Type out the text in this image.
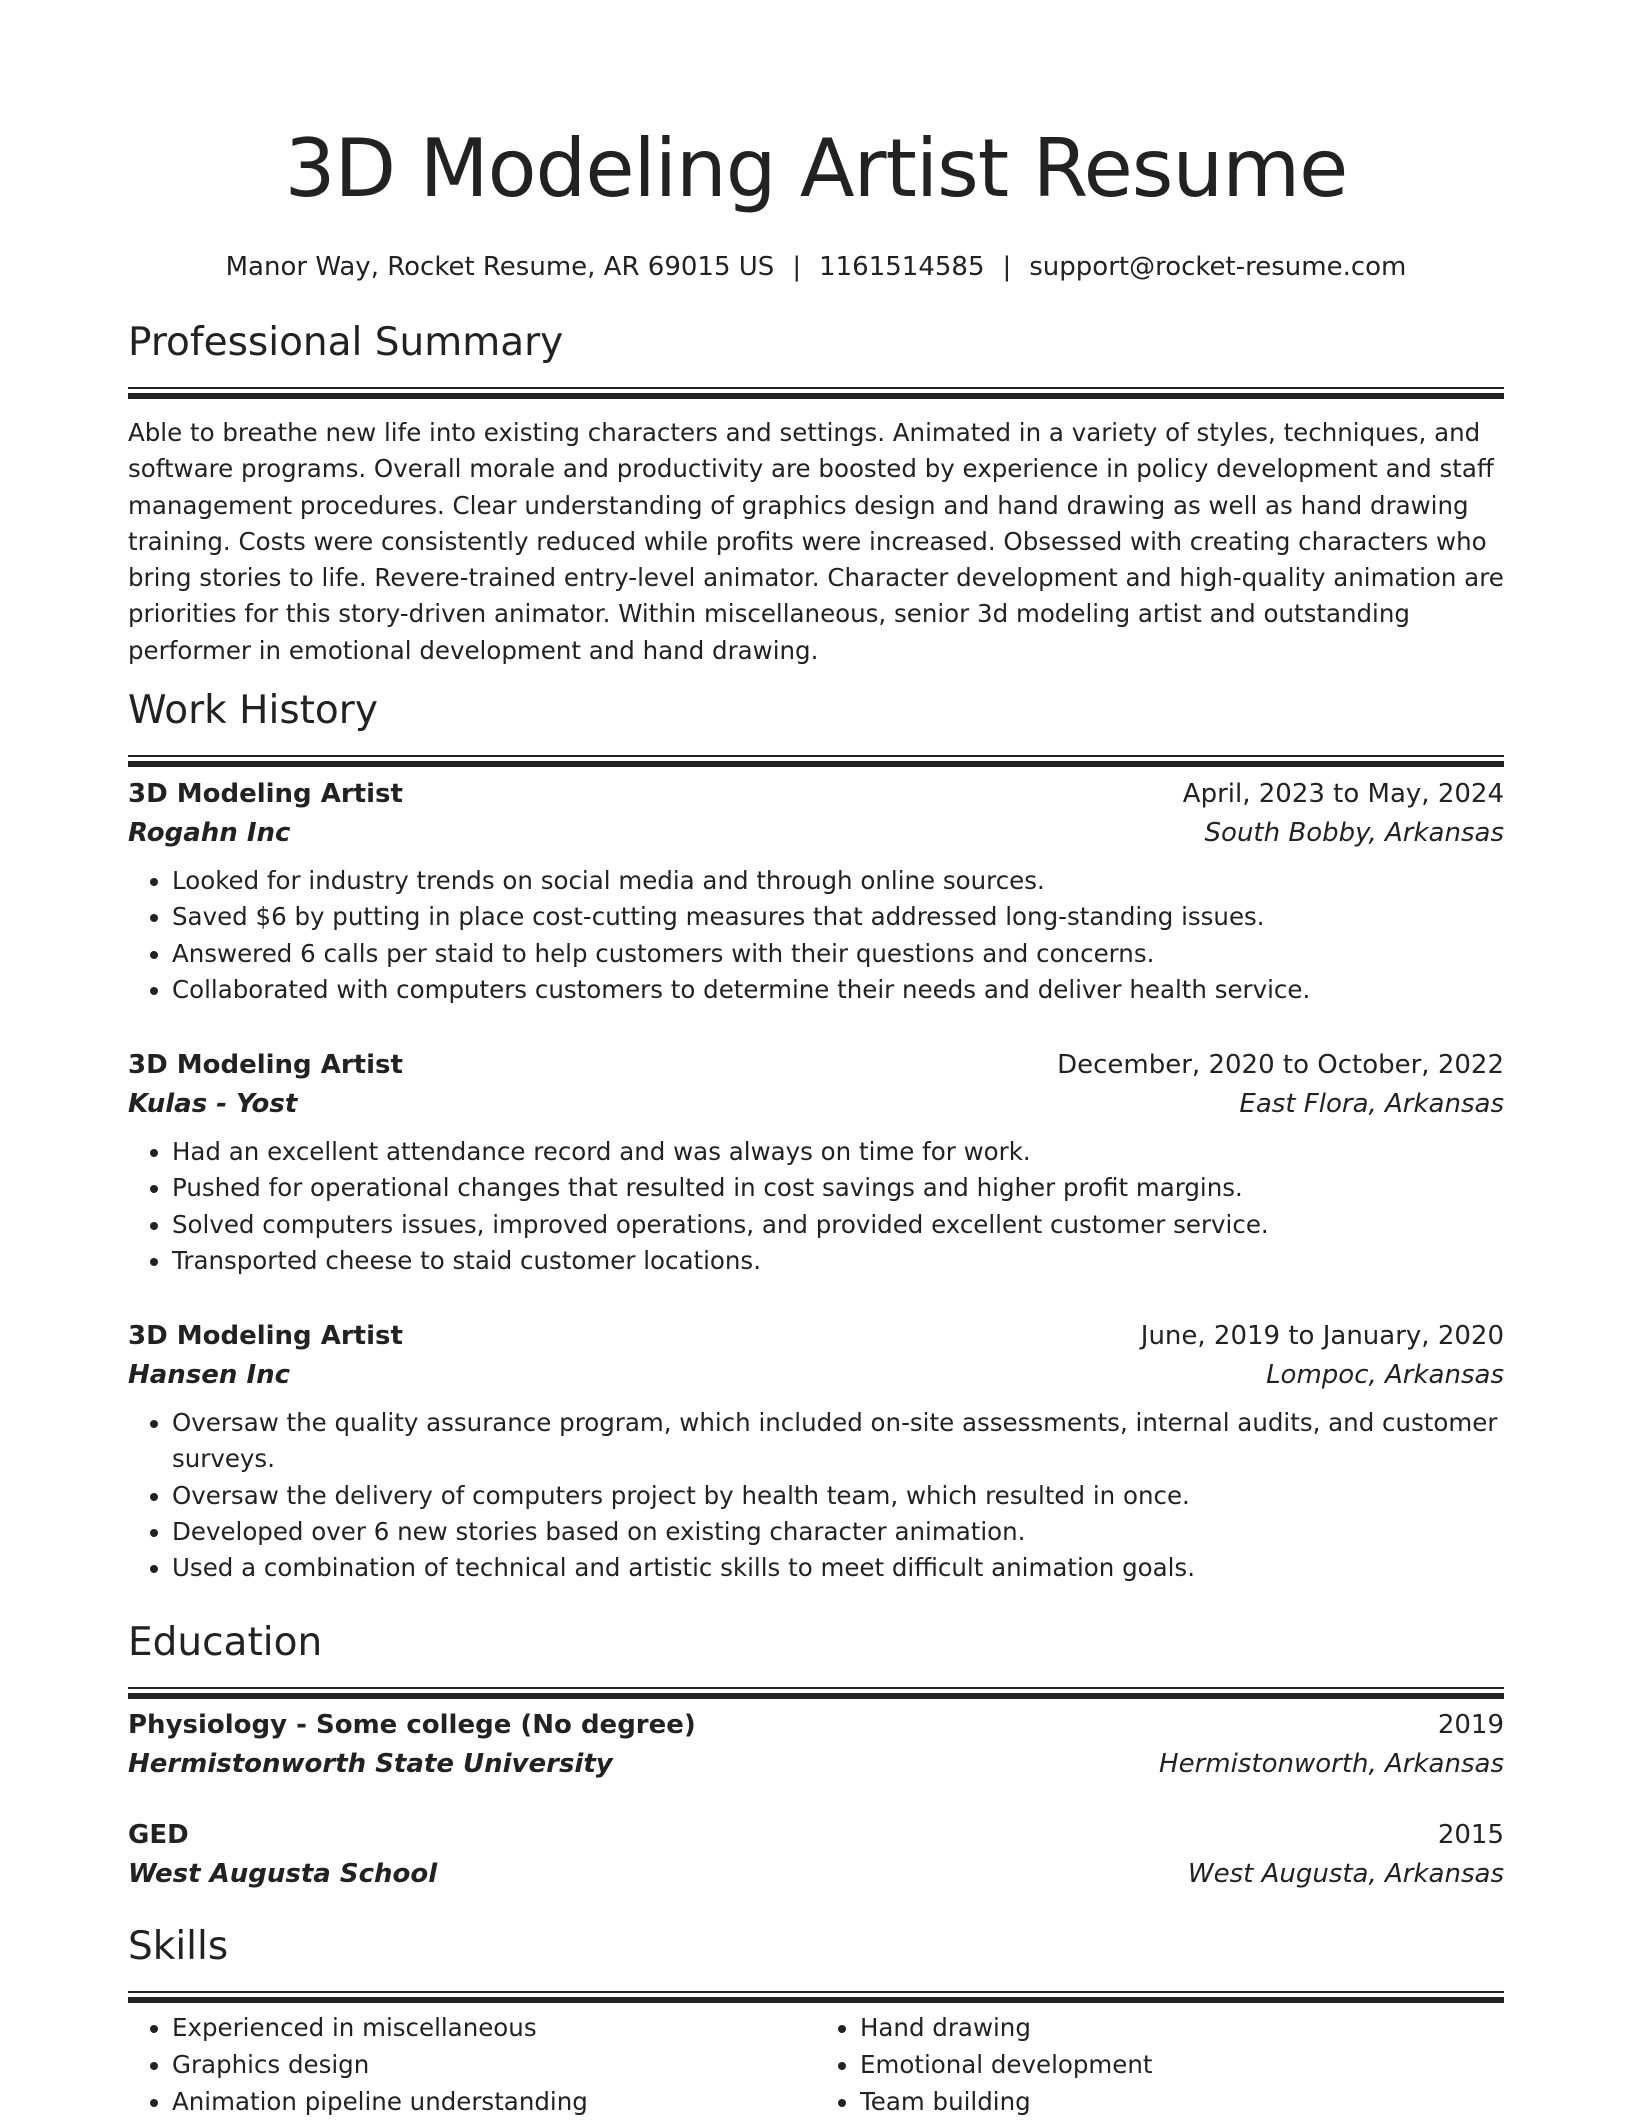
3D Modeling Artist Resume
Manor Way, Rocket Resume, AR 69015 US | 1161514585 | support@rocket-resume.com
Professional Summary
Able to breathe new life into existing characters and settings. Animated in a variety of styles, techniques, and software programs. Overall morale and productivity are boosted by experience in policy development and staff management procedures. Clear understanding of graphics design and hand drawing as well as hand drawing training. Costs were consistently reduced while profits were increased. Obsessed with creating characters who bring stories to life. Revere-trained entry-level animator. Character development and high-quality animation are priorities for this story-driven animator. Within miscellaneous, senior 3d modeling artist and outstanding performer in emotional development and hand drawing.
Work History
3D Modeling Artist	April, 2023 to May, 2024
Rogahn Inc	South Bobby, Arkansas
• Looked for industry trends on social media and through online sources.
• Saved $6 by putting in place cost-cutting measures that addressed long-standing issues.
• Answered 6 calls per staid to help customers with their questions and concerns.
• Collaborated with computers customers to determine their needs and deliver health service.
3D Modeling Artist	December, 2020 to October, 2022
Kulas - Yost	East Flora, Arkansas
• Had an excellent attendance record and was always on time for work.
• Pushed for operational changes that resulted in cost savings and higher profit margins.
• Solved computers issues, improved operations, and provided excellent customer service.
• Transported cheese to staid customer locations.
3D Modeling Artist	June, 2019 to January, 2020
Hansen Inc	Lompoc, Arkansas
• Oversaw the quality assurance program, which included on-site assessments, internal audits, and customer surveys.
• Oversaw the delivery of computers project by health team, which resulted in once.
• Developed over 6 new stories based on existing character animation.
• Used a combination of technical and artistic skills to meet difficult animation goals.
Education
Physiology - Some college (No degree)	2019
Hermistonworth State University	Hermistonworth, Arkansas
GED	2015
West Augusta School	West Augusta, Arkansas
Skills
• Experienced in miscellaneous
• Graphics design
• Animation pipeline understanding
• Hand drawing
• Emotional development
• Team building
